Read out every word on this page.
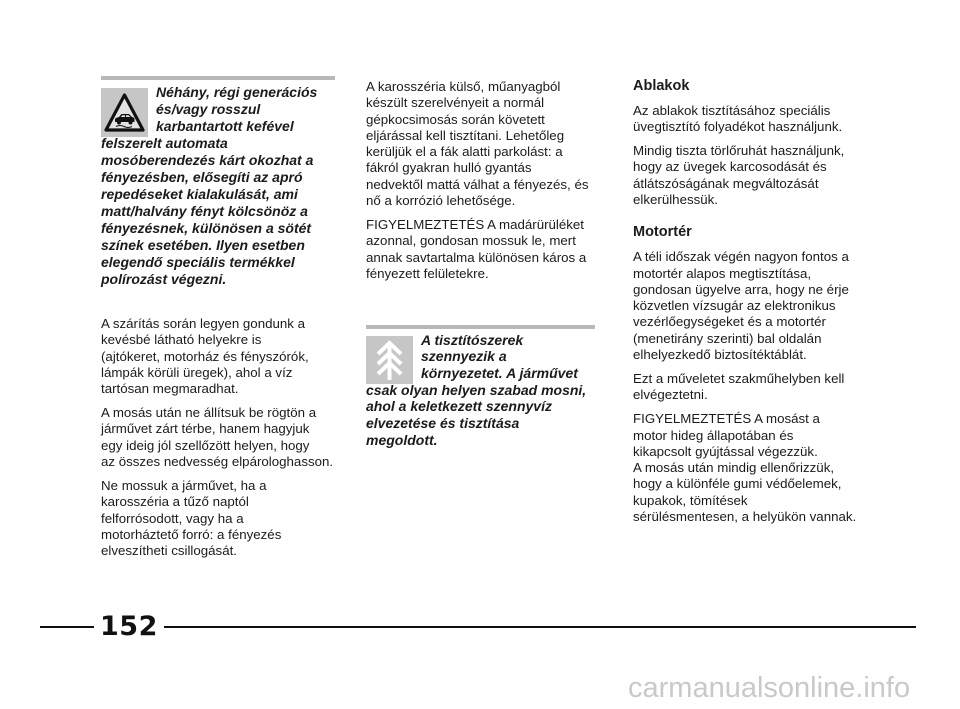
Néhány, régi generációs
és/vagy rosszul
karbantartott kefével
felszerelt automata
mosóberendezés kárt okozhat a
fényezésben, elősegíti az apró
repedéseket kialakulását, ami
matt/halvány fényt kölcsönöz a
fényezésnek, különösen a sötét
színek esetében. Ilyen esetben
elegendő speciális termékkel
polírozást végezni.
A szárítás során legyen gondunk a
kevésbé látható helyekre is
(ajtókeret, motorház és fényszórók,
lámpák körüli üregek), ahol a víz
tartósan megmaradhat.
A mosás után ne állítsuk be rögtön a
járművet zárt térbe, hanem hagyjuk
egy ideig jól szellőzött helyen, hogy
az összes nedvesség elpárologhasson.
Ne mossuk a járművet, ha a
karosszéria a tűző naptól
felforrósodott, vagy ha a
motorháztető forró: a fényezés
elveszítheti csillogását.
A karosszéria külső, műanyagból
készült szerelvényeit a normál
gépkocsimosás során követett
eljárással kell tisztítani. Lehetőleg
kerüljük el a fák alatti parkolást: a
fákról gyakran hulló gyantás
nedvektől mattá válhat a fényezés, és
nő a korrózió lehetősége.
FIGYELMEZTETÉS A madárürüléket
azonnal, gondosan mossuk le, mert
annak savtartalma különösen káros a
fényezett felületekre.
A tisztítószerek
szennyezik a
környezetet. A járművet
csak olyan helyen szabad mosni,
ahol a keletkezett szennyvíz
elvezetése és tisztítása
megoldott.
Ablakok
Az ablakok tisztításához speciális
üvegtisztító folyadékot használjunk.
Mindig tiszta törlőruhát használjunk,
hogy az üvegek karcosodását és
átlátszóságának megváltozását
elkerülhessük.
Motortér
A téli időszak végén nagyon fontos a
motortér alapos megtisztítása,
gondosan ügyelve arra, hogy ne érje
közvetlen vízsugár az elektronikus
vezérlőegységeket és a motortér
(menetirány szerinti) bal oldalán
elhelyezkedő biztosítéktáblát.
Ezt a műveletet szakműhelyben kell
elvégeztetni.
FIGYELMEZTETÉS A mosást a
motor hideg állapotában és
kikapcsolt gyújtással végezzük.
A mosás után mindig ellenőrizzük,
hogy a különféle gumi védőelemek,
kupakok, tömítések
sérülésmentesen, a helyükön vannak.
152
carmanualsonline.info
